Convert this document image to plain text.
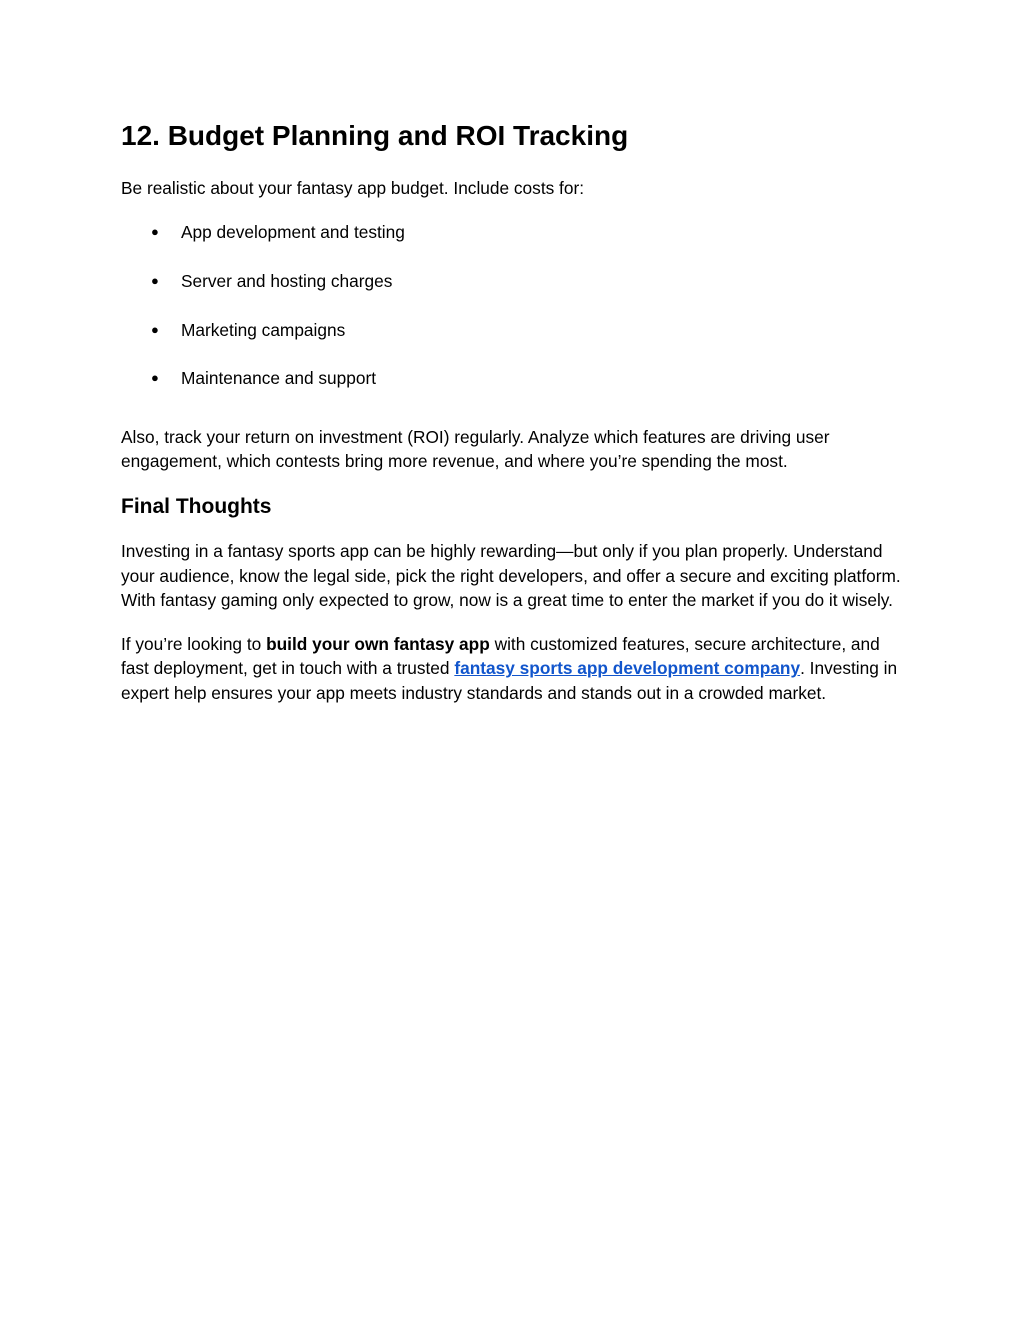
12. Budget Planning and ROI Tracking

Be realistic about your fantasy app budget. Include costs for:

● App development and testing
● Server and hosting charges
● Marketing campaigns
● Maintenance and support

Also, track your return on investment (ROI) regularly. Analyze which features are driving user engagement, which contests bring more revenue, and where you’re spending the most.

Final Thoughts

Investing in a fantasy sports app can be highly rewarding—but only if you plan properly. Understand your audience, know the legal side, pick the right developers, and offer a secure and exciting platform. With fantasy gaming only expected to grow, now is a great time to enter the market if you do it wisely.

If you’re looking to build your own fantasy app with customized features, secure architecture, and fast deployment, get in touch with a trusted fantasy sports app development company. Investing in expert help ensures your app meets industry standards and stands out in a crowded market.
